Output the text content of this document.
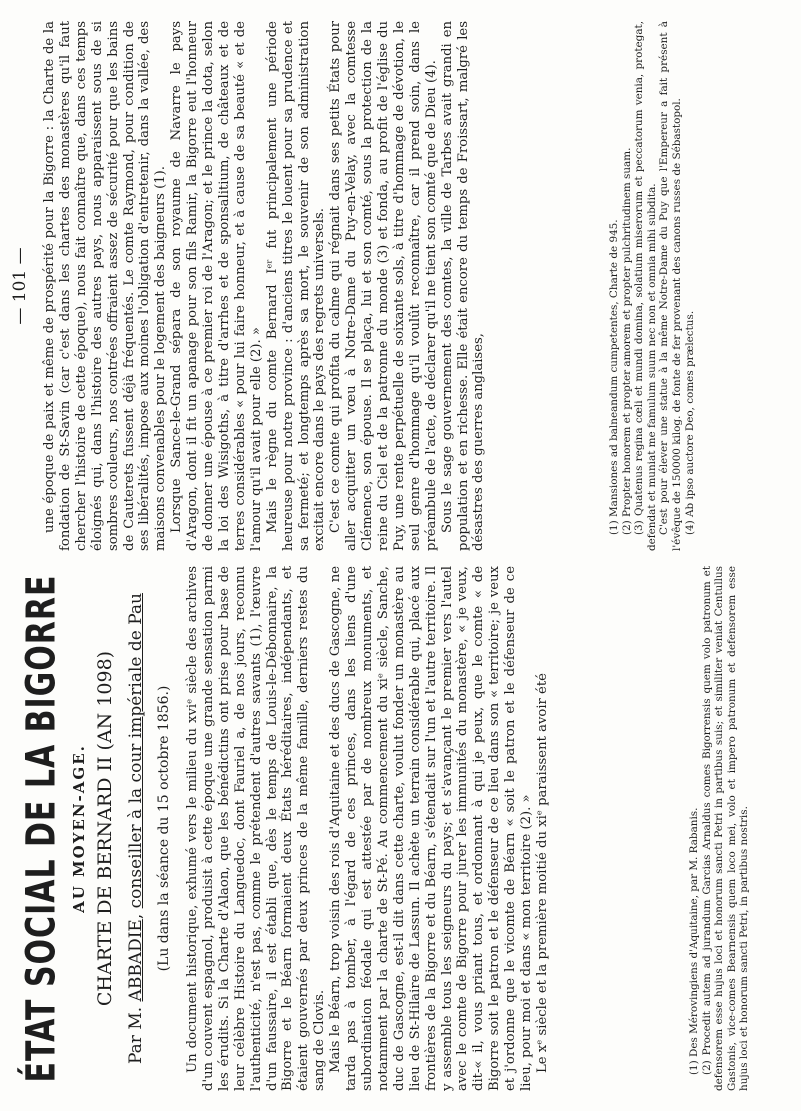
ÉTAT SOCIAL DE LA BIGORRE AU MOYEN-AGE. CHARTE DE BERNARD II (AN 1098)

Par M. ABBADIE, conseiller à la cour impériale de Pau (Lu dans la séance du 15 octobre 1856.) Un document historique, exhumé vers le milieu du xviᵉ siècle des archives d'un couvent espagnol, produisit à cette époque une grande sensation parmi les érudits. Si la Charte d'Alaon, que les bénédictins ont prise pour base de leur célèbre Histoire du Languedoc, dont Fauriel a, de nos jours, reconnu l'authenticité, n'est pas, comme le prétendent d'autres savants (1), l'œuvre d'un faussaire, il est établi que, dès le temps de Louis-le-Débonnaire, la Bigorre et le Béarn formaient deux États héréditaires, indépendants, et étaient gouvernés par deux princes de la même famille, derniers restes du sang de Clovis. Mais le Béarn, trop voisin des rois d'Aquitaine et des ducs de Gascogne, ne tarda pas à tomber, à l'égard de ces princes, dans les liens d'une subordination féodale qui est attestée par de nombreux monuments, et notamment par la charte de St-Pé. Au commencement du xiᵉ siècle, Sanche, duc de Gascogne, est-il dit dans cette charte, voulut fonder un monastère au lieu de St-Hilaire de Lassun. Il achète un terrain considérable qui, placé aux frontières de la Bigorre et du Béarn, s'étendait sur l'un et l'autre territoire. Il y assemble tous les seigneurs du pays; et s'avançant le premier vers l'autel avec le comte de Bigorre pour jurer les immunités du monastère, « je veux, dit-« il, vous priant tous, et ordonnant à qui je peux, que le comte « de Bigorre soit le patron et le défenseur de ce lieu dans son « territoire; je veux et j'ordonne que le vicomte de Béarn « soit le patron et le défenseur de ce lieu, pour moi et dans « mon territoire (2). » Le xᵉ siècle et la première moitié du xiᵉ paraissent avoir été	(1) Des Mérovingiens d'Aquitaine, par M. Rabanis. (2) Procedit autem ad jurandum Garcias Arnaldus comes Bigorrensis quem volo patronum et defensorem esse hujus loci et honorum sancti Petri in partibus suis; et similiter veniat Centullus Gastonis, vice-comes Bearnensis quem loco mei, volo et impero patronum et defensorem esse hujus loci et honorum sancti Petri, in partibus nostris.

— 101 — une époque de paix et même de prospérité pour la Bigorre : la Charte de la fondation de St-Savin (car c'est dans les chartes des monastères qu'il faut chercher l'histoire de cette époque), nous fait connaître que, dans ces temps éloignés qui, dans l'histoire des autres pays, nous apparaissent sous de si sombres couleurs, nos contrées offraient assez de sécurité pour que les bains de Cauterets fussent déjà fréquentés. Le comte Raymond, pour condition de ses libéralités, impose aux moines l'obligation d'entretenir, dans la vallée, des maisons convenables pour le logement des baigneurs (1). Lorsque Sance-le-Grand sépara de son royaume de Navarre le pays d'Aragon, dont il fit un apanage pour son fils Ramir, la Bigorre eut l'honneur de donner une épouse à ce premier roi de l'Aragon; et le prince la dota, selon la loi des Wisigoths, à titre d'arrhes et de sponsalitium, de châteaux et de terres considérables « pour lui faire honneur, et à cause de sa beauté « et de l'amour qu'il avait pour elle (2). » Mais le règne du comte Bernard Iᵉʳ fut principalement une période heureuse pour notre province : d'anciens titres le louent pour sa prudence et sa fermeté; et longtemps après sa mort, le souvenir de son administration excitait encore dans le pays des regrets universels. C'est ce comte qui profita du calme qui régnait dans ses petits États pour aller acquitter un vœu à Notre-Dame du Puy-en-Velay, avec la comtesse Clémence, son épouse. Il se plaça, lui et son comté, sous la protection de la reine du Ciel et de la patronne du monde (3) et fonda, au profit de l'église du Puy, une rente perpétuelle de soixante sols, à titre d'hommage de dévotion, le seul genre d'hommage qu'il voulût reconnaître, car il prend soin, dans le préambule de l'acte, de déclarer qu'il ne tient son comté que de Dieu (4). Sous le sage gouvernement des comtes, la ville de Tarbes avait grandi en population et en richesse. Elle était encore du temps de Froissart, malgré les désastres des guerres anglaises,	(1) Mansiones ad balneandum cumpetentes, Charte de 945. (2) Propter honorem et propter amorem et propter pulchritudinem suam. (3) Quatenus regina cœli et mundi domina, solatium miserorum et peccatorum venia, protegat, defendat et muniat me famulum suum nec non et omnia mihi subdita. C'est pour élever une statue à la même Notre-Dame du Puy que l'Empereur a fait présent à l'évêque de 150000 kilog. de fonte de fer provenant des canons russes de Sébastopol. (4) Ab ipso auctore Deo, comes prælectus.
